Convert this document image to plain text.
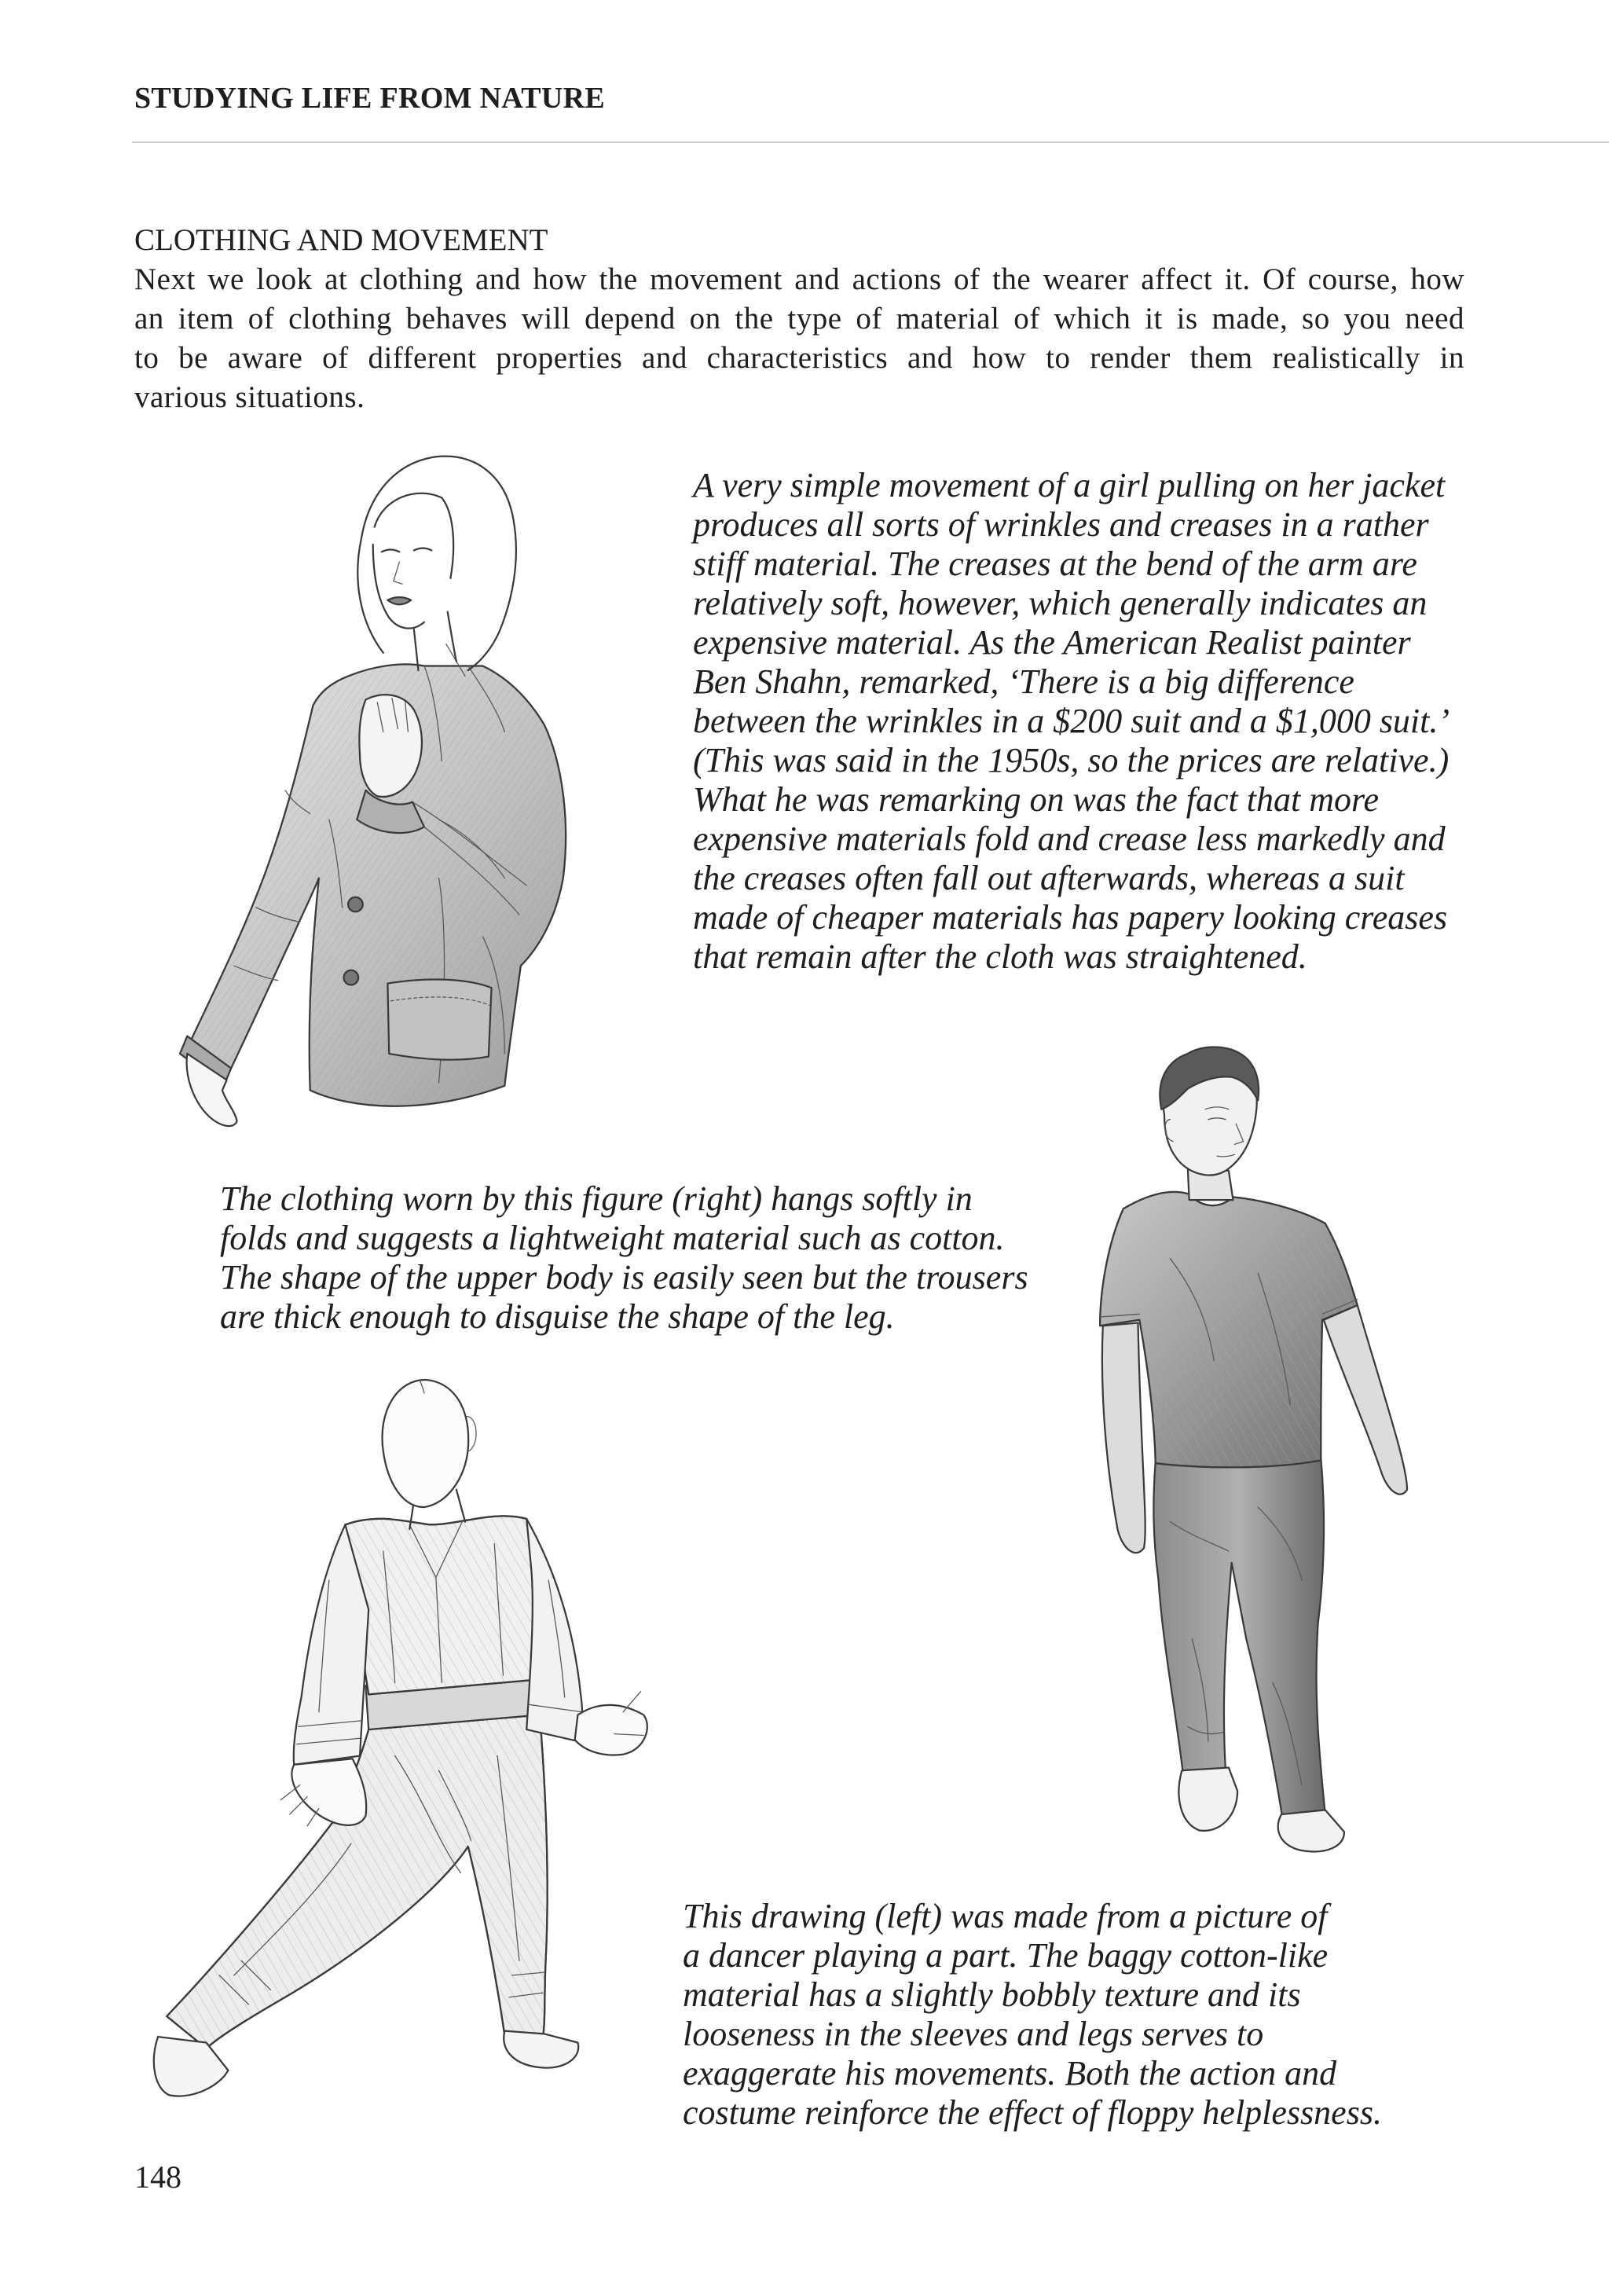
STUDYING LIFE FROM NATURE
CLOTHING AND MOVEMENT
Next we look at clothing and how the movement and actions of the wearer affect it. Of course, how
an item of clothing behaves will depend on the type of material of which it is made, so you need
to be aware of different properties and characteristics and how to render them realistically in
various situations.
A very simple movement of a girl pulling on her jacket
produces all sorts of wrinkles and creases in a rather
stiff material. The creases at the bend of the arm are
relatively soft, however, which generally indicates an
expensive material. As the American Realist painter
Ben Shahn, remarked, ‘There is a big difference
between the wrinkles in a $200 suit and a $1,000 suit.’
(This was said in the 1950s, so the prices are relative.)
What he was remarking on was the fact that more
expensive materials fold and crease less markedly and
the creases often fall out afterwards, whereas a suit
made of cheaper materials has papery looking creases
that remain after the cloth was straightened.
The clothing worn by this figure (right) hangs softly in
folds and suggests a lightweight material such as cotton.
The shape of the upper body is easily seen but the trousers
are thick enough to disguise the shape of the leg.
This drawing (left) was made from a picture of
a dancer playing a part. The baggy cotton-like
material has a slightly bobbly texture and its
looseness in the sleeves and legs serves to
exaggerate his movements. Both the action and
costume reinforce the effect of floppy helplessness.
148
